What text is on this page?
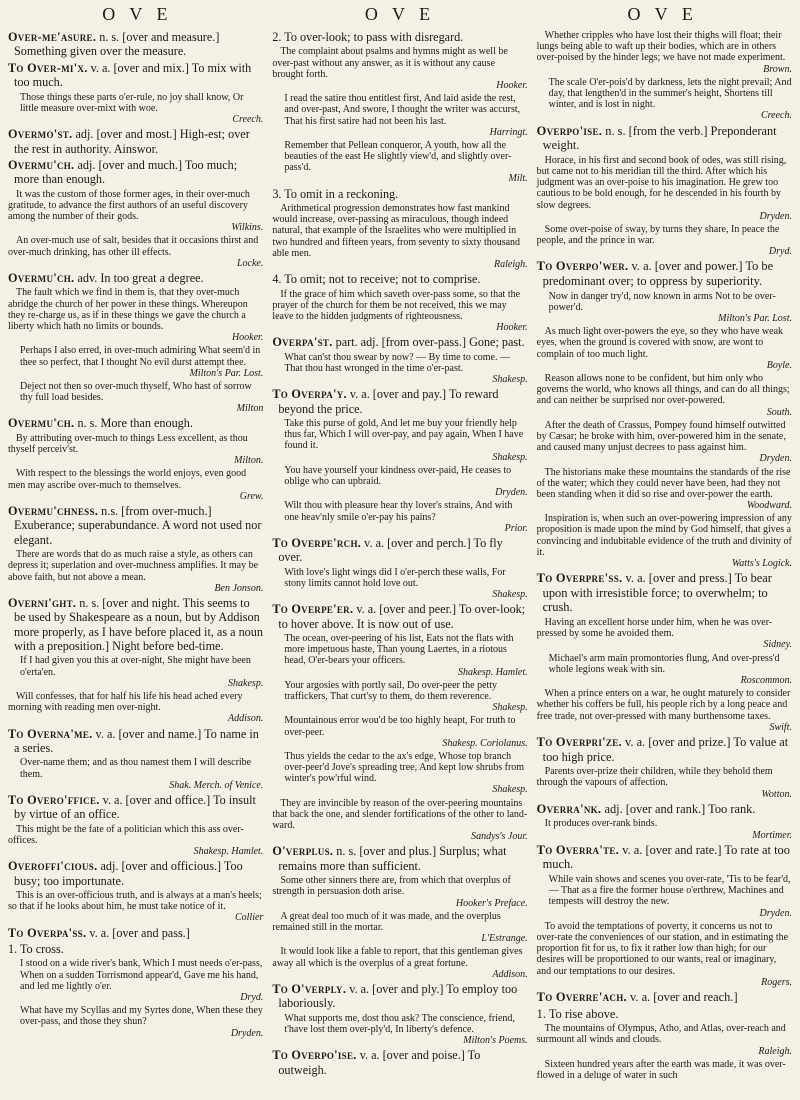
O V E	O V E	O V E

Over-me'asure. n. s. [over and measure.] Something given over the measure.

To Over-mi'x. v. a. [over and mix.] To mix with too much.

Those things these parts o'er-rule, no joy shall know, Or little measure over-mixt with woe.

Creech.

Overmo'st. adj. [over and most.] High-est; over the rest in authority. Ainswor.

Overmu'ch. adj. [over and much.] Too much; more than enough.

It was the custom of those former ages, in their over-much gratitude, to advance the first authors of an useful discovery among the number of their gods.

Wilkins.

An over-much use of salt, besides that it occasions thirst and over-much drinking, has other ill effects.

Locke.

Overmu'ch. adv. In too great a degree.

The fault which we find in them is, that they over-much abridge the church of her power in these things. Whereupon they re-charge us, as if in these things we gave the church a liberty which hath no limits or bounds.

Hooker.

Perhaps I also erred, in over-much admiring What seem'd in thee so perfect, that I thought No evil durst attempt thee.

Milton's Par. Lost.

Deject not then so over-much thyself, Who hast of sorrow thy full load besides.

Milton

Overmu'ch. n. s. More than enough.

By attributing over-much to things Less excellent, as thou thyself perceiv'st.

Milton.

With respect to the blessings the world enjoys, even good men may ascribe over-much to themselves.

Grew.

Overmu'chness. n.s. [from over-much.] Exuberance; superabundance. A word not used nor elegant.

There are words that do as much raise a style, as others can depress it; superlation and over-muchness amplifies. It may be above faith, but not above a mean.

Ben Jonson.

Overni'ght. n. s. [over and night. This seems to be used by Shakespeare as a noun, but by Addison more properly, as I have before placed it, as a noun with a preposition.] Night before bed-time.

If I had given you this at over-night, She might have been o'erta'en.

Shakesp.

Will confesses, that for half his life his head ached every morning with reading men over-night.

Addison.

To Overna'me. v. a. [over and name.] To name in a series.

Over-name them; and as thou namest them I will describe them.

Shak. Merch. of Venice.

To Overo'ffice. v. a. [over and office.] To insult by virtue of an office.

This might be the fate of a politician which this ass over-offices.

Shakesp. Hamlet.

Overoffi'cious. adj. [over and officious.] Too busy; too importunate.

This is an over-officious truth, and is always at a man's heels; so that if he looks about him, he must take notice of it.

Collier

To Overpa'ss. v. a. [over and pass.]

1. To cross.

I stood on a wide river's bank, Which I must needs o'er-pass, When on a sudden Torrismond appear'd, Gave me his hand, and led me lightly o'er.

Dryd.

What have my Scyllas and my Syrtes done, When these they over-pass, and those they shun?

Dryden.

2. To over-look; to pass with disregard.

The complaint about psalms and hymns might as well be over-past without any answer, as it is without any cause brought forth.

Hooker.

I read the satire thou entitlest first, And laid aside the rest, and over-past, And swore, I thought the writer was accurst, That his first satire had not been his last.

Harringt.

Remember that Pellean conqueror, A youth, how all the beauties of the east He slightly view'd, and slightly over-pass'd.

Milt.

3. To omit in a reckoning.

Arithmetical progression demonstrates how fast mankind would increase, over-passing as miraculous, though indeed natural, that example of the Israelites who were multiplied in two hundred and fifteen years, from seventy to sixty thousand able men.

Raleigh.

4. To omit; not to receive; not to comprise.

If the grace of him which saveth over-pass some, so that the prayer of the church for them be not received, this we may leave to the hidden judgments of righteousness.

Hooker.

Overpa'st. part. adj. [from over-pass.] Gone; past.

What can'st thou swear by now? — By time to come. — That thou hast wronged in the time o'er-past.

Shakesp.

To Overpa'y. v. a. [over and pay.] To reward beyond the price.

Take this purse of gold, And let me buy your friendly help thus far, Which I will over-pay, and pay again, When I have found it.

Shakesp.

You have yourself your kindness over-paid, He ceases to oblige who can upbraid.

Dryden.

Wilt thou with pleasure hear thy lover's strains, And with one heav'nly smile o'er-pay his pains?

Prior.

To Overpe'rch. v. a. [over and perch.] To fly over.

With love's light wings did I o'er-perch these walls, For stony limits cannot hold love out.

Shakesp.

To Overpe'er. v. a. [over and peer.] To over-look; to hover above. It is now out of use.

The ocean, over-peering of his list, Eats not the flats with more impetuous haste, Than young Laertes, in a riotous head, O'er-bears your officers.

Shakesp. Hamlet.

Your argosies with portly sail, Do over-peer the petty traffickers, That curt'sy to them, do them reverence.

Shakesp.

Mountainous error wou'd be too highly heapt, For truth to over-peer.

Shakesp. Coriolanus.

Thus yields the cedar to the ax's edge, Whose top branch over-peer'd Jove's spreading tree, And kept low shrubs from winter's pow'rful wind.

Shakesp.

They are invincible by reason of the over-peering mountains that back the one, and slender fortifications of the other to land-ward.

Sandys's Jour.

O'verplus. n. s. [over and plus.] Surplus; what remains more than sufficient.

Some other sinners there are, from which that overplus of strength in persuasion doth arise.

Hooker's Preface.

A great deal too much of it was made, and the overplus remained still in the mortar.

L'Estrange.

It would look like a fable to report, that this gentleman gives away all which is the overplus of a great fortune.

Addison.

To O'verply. v. a. [over and ply.] To employ too laboriously.

What supports me, dost thou ask? The conscience, friend, t'have lost them over-ply'd, In liberty's defence.

Milton's Poems.

To Overpo'ise. v. a. [over and poise.] To outweigh.

Whether cripples who have lost their thighs will float; their lungs being able to waft up their bodies, which are in others over-poised by the hinder legs; we have not made experiment.

Brown.

The scale O'er-pois'd by darkness, lets the night prevail; And day, that lengthen'd in the summer's height, Shortens till winter, and is lost in night.

Creech.

Overpo'ise. n. s. [from the verb.] Preponderant weight.

Horace, in his first and second book of odes, was still rising, but came not to his meridian till the third. After which his judgment was an over-poise to his imagination. He grew too cautious to be bold enough, for he descended in his fourth by slow degrees.

Dryden.

Some over-poise of sway, by turns they share, In peace the people, and the prince in war.

Dryd.

To Overpo'wer. v. a. [over and power.] To be predominant over; to oppress by superiority.

Now in danger try'd, now known in arms Not to be over-power'd.

Milton's Par. Lost.

As much light over-powers the eye, so they who have weak eyes, when the ground is covered with snow, are wont to complain of too much light.

Boyle.

Reason allows none to be confident, but him only who governs the world, who knows all things, and can do all things; and can neither be surprised nor over-powered.

South.

After the death of Crassus, Pompey found himself outwitted by Cæsar; he broke with him, over-powered him in the senate, and caused many unjust decrees to pass against him.

Dryden.

The historians make these mountains the standards of the rise of the water; which they could never have been, had they not been standing when it did so rise and over-power the earth.

Woodward.

Inspiration is, when such an over-powering impression of any proposition is made upon the mind by God himself, that gives a convincing and indubitable evidence of the truth and divinity of it.

Watts's Logick.

To Overpre'ss. v. a. [over and press.] To bear upon with irresistible force; to overwhelm; to crush.

Having an excellent horse under him, when he was over-pressed by some he avoided them.

Sidney.

Michael's arm main promontories flung, And over-press'd whole legions weak with sin.

Roscommon.

When a prince enters on a war, he ought maturely to consider whether his coffers be full, his people rich by a long peace and free trade, not over-pressed with many burthensome taxes.

Swift.

To Overpri'ze. v. a. [over and prize.] To value at too high price.

Parents over-prize their children, while they behold them through the vapours of affection.

Wotton.

Overra'nk. adj. [over and rank.] Too rank.

It produces over-rank binds.

Mortimer.

To Overra'te. v. a. [over and rate.] To rate at too much.

While vain shows and scenes you over-rate, 'Tis to be fear'd, — That as a fire the former house o'erthrew, Machines and tempests will destroy the new.

Dryden.

To avoid the temptations of poverty, it concerns us not to over-rate the conveniences of our station, and in estimating the proportion fit for us, to fix it rather low than high; for our desires will be proportioned to our wants, real or imaginary, and our temptations to our desires.

Rogers.

To Overre'ach. v. a. [over and reach.]

1. To rise above.

The mountains of Olympus, Atho, and Atlas, over-reach and surmount all winds and clouds.

Raleigh.

Sixteen hundred years after the earth was made, it was over-flowed in a deluge of water in such
